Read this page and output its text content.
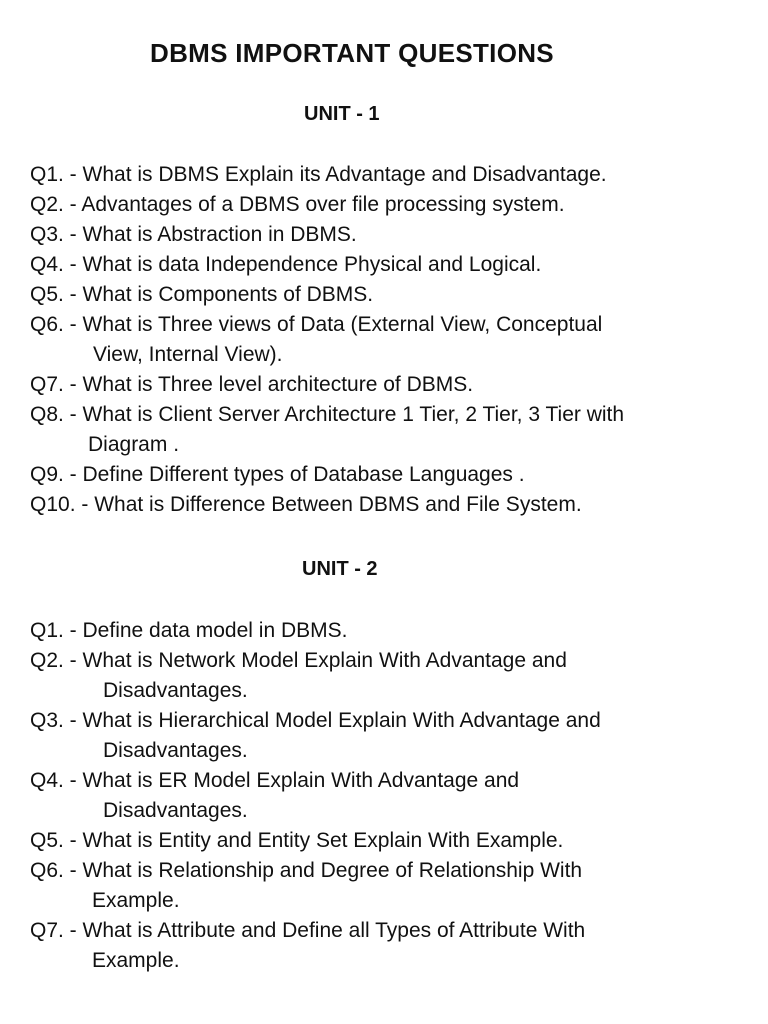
DBMS IMPORTANT QUESTIONS
UNIT - 1
Q1. - What is DBMS Explain its Advantage and Disadvantage.
Q2. - Advantages of a DBMS over file processing system.
Q3. - What is Abstraction in DBMS.
Q4. - What is data Independence Physical and Logical.
Q5. - What is Components of DBMS.
Q6. - What is Three views of Data (External View, Conceptual
View, Internal View).
Q7. - What is Three level architecture of DBMS.
Q8. - What is Client Server Architecture 1 Tier, 2 Tier, 3 Tier with
Diagram .
Q9. - Define Different types of Database Languages .
Q10. - What is Difference Between DBMS and File System.
UNIT - 2
Q1. - Define data model in DBMS.
Q2. - What is Network Model Explain With Advantage and
Disadvantages.
Q3. - What is Hierarchical Model Explain With Advantage and
Disadvantages.
Q4. - What is ER Model Explain With Advantage and
Disadvantages.
Q5. - What is Entity and Entity Set Explain With Example.
Q6. - What is Relationship and Degree of Relationship With
Example.
Q7. - What is Attribute and Define all Types of Attribute With
Example.
